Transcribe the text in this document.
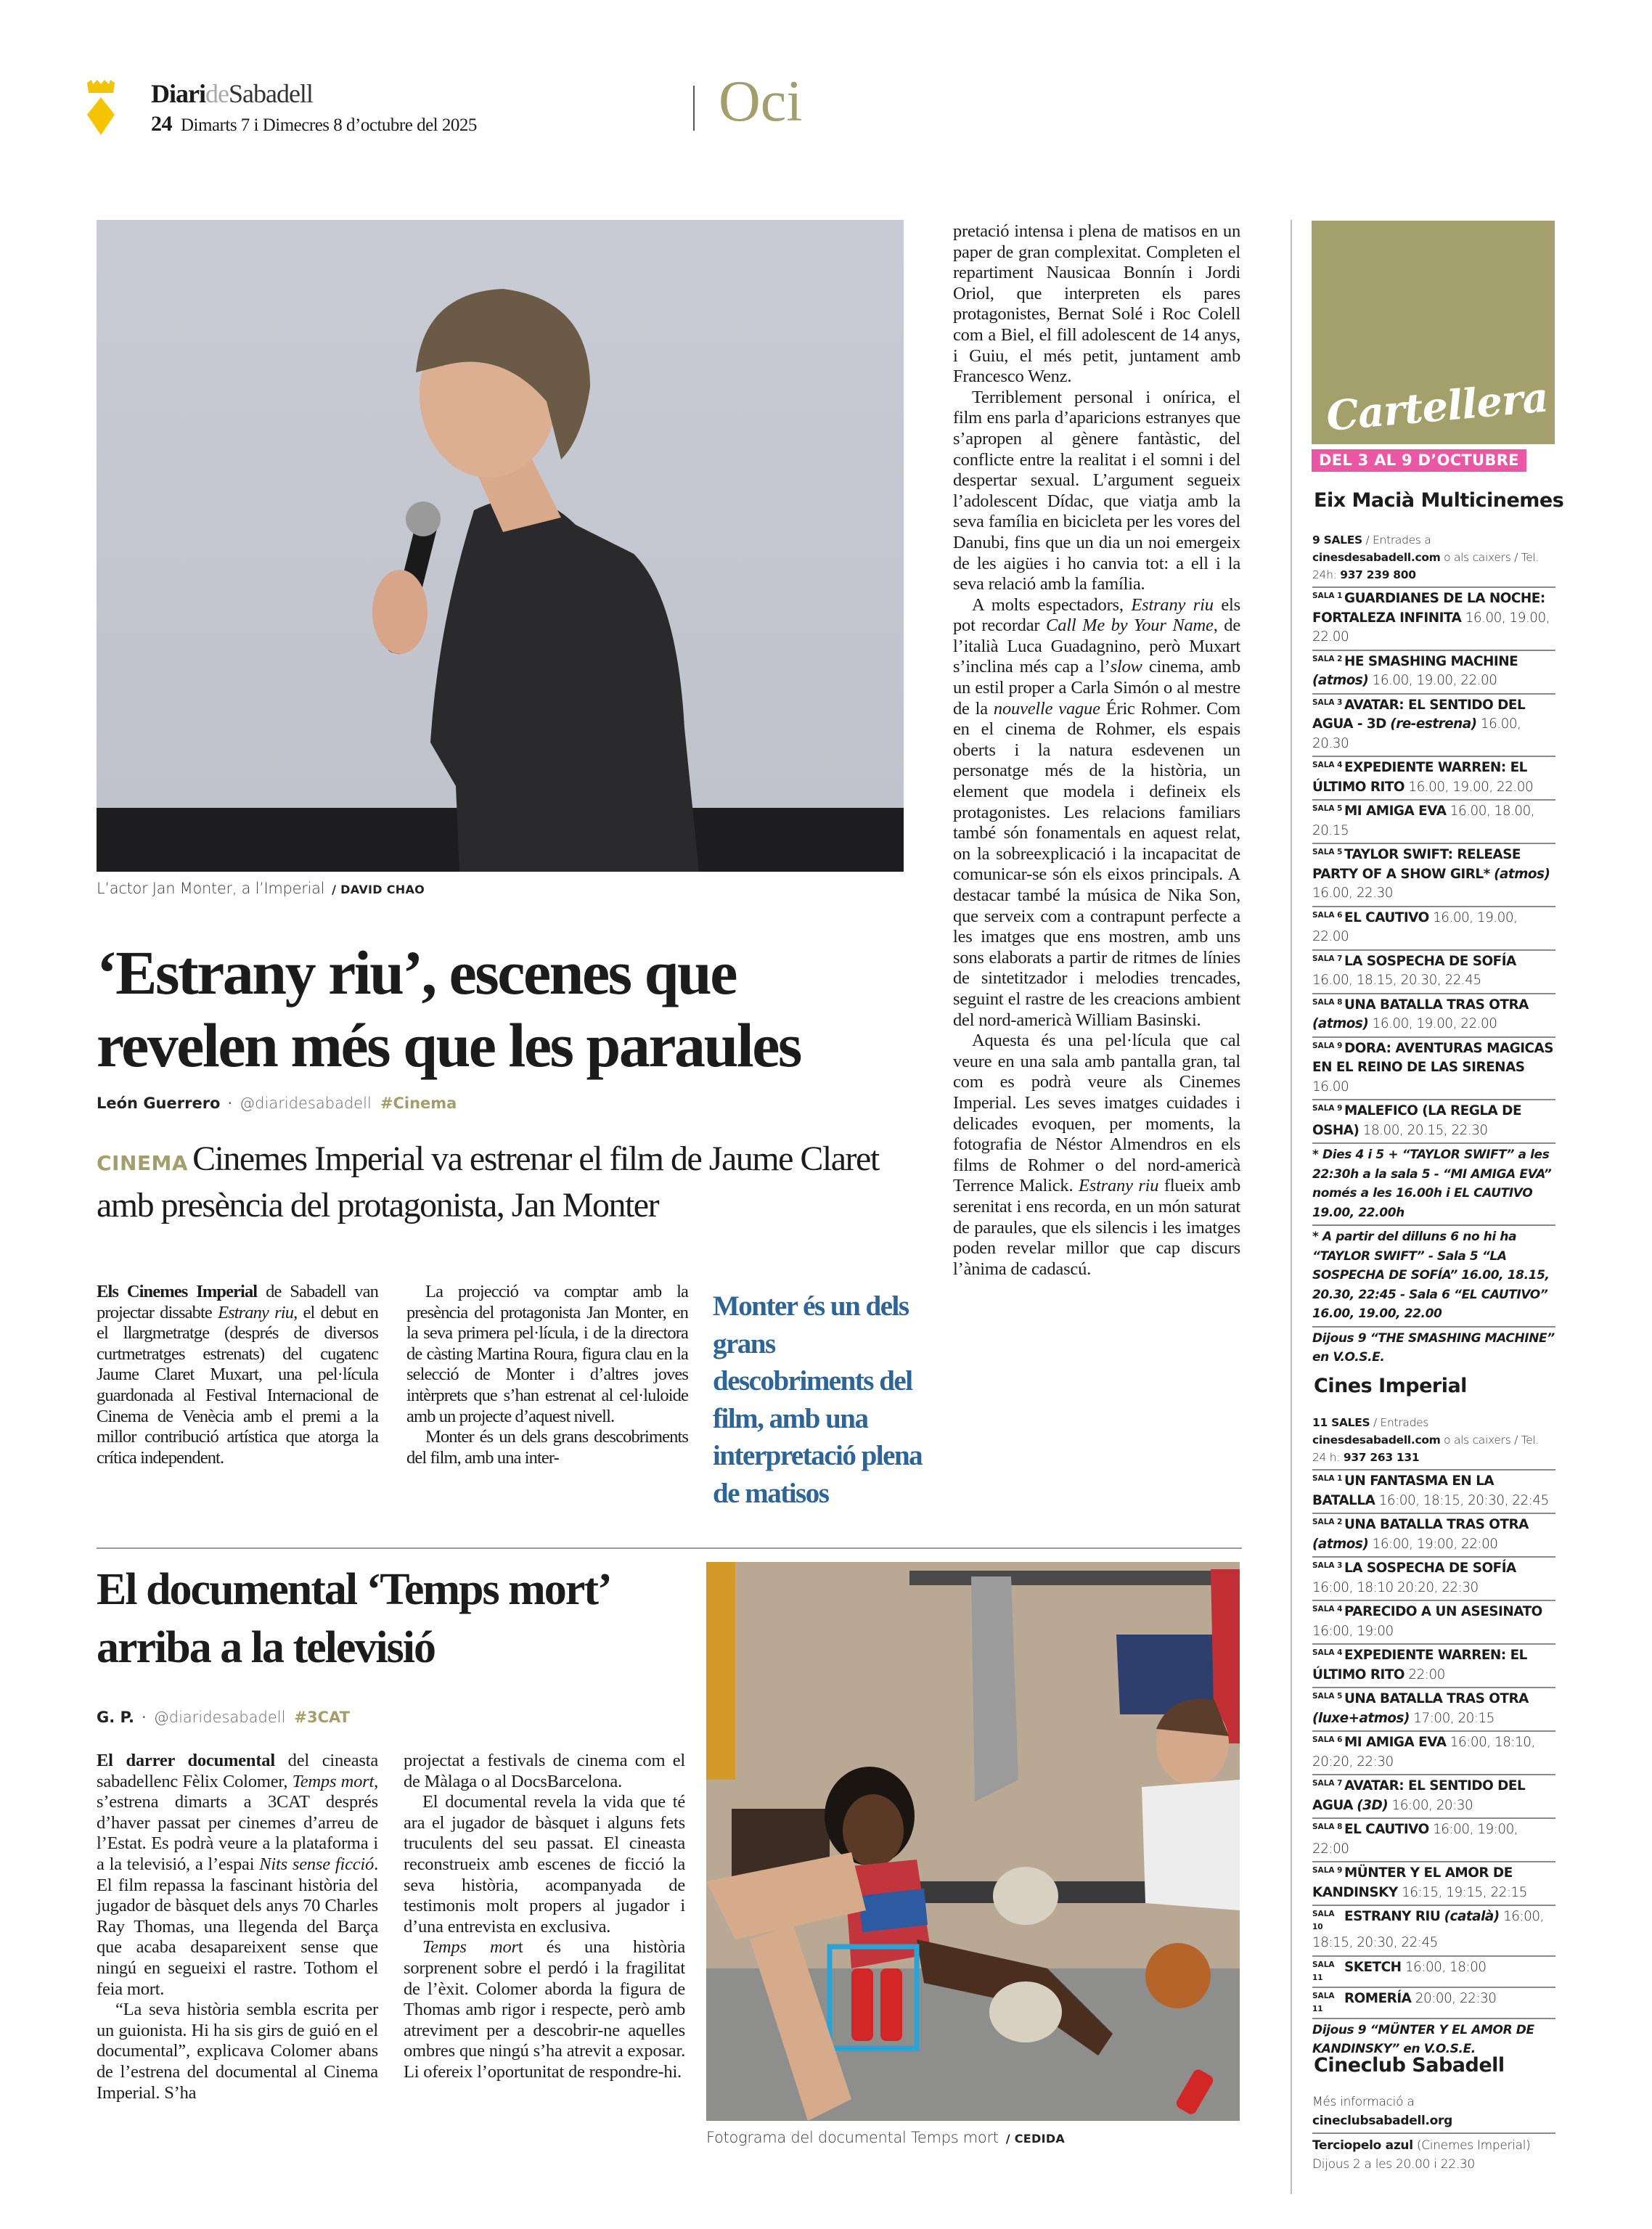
DiarideSabadell
24 Dimarts 7 i Dimecres 8 d’octubre del 2025	Oci
L’actor Jan Monter, a l’Imperial / DAVID CHAO
‘Estrany riu’, escenes que
revelen més que les paraules
León Guerrero · @diaridesabadell #Cinema
CINEMA Cinemes Imperial va estrenar el film de Jaume Claret amb presència del protagonista, Jan Monter

Els Cinemes Imperial de Sabadell van projectar dissabte Estrany riu, el debut en el llargmetratge (després de diversos curtmetratges estrenats) del cugatenc Jaume Claret Muxart, una pel·lícula guardonada al Festival Internacional de Cinema de Venècia amb el premi a la millor contribució artística que atorga la crítica independent.

La projecció va comptar amb la presència del protagonista Jan Monter, en la seva primera pel·lícula, i de la directora de càsting Martina Roura, figura clau en la selecció de Monter i d’altres joves intèrprets que s’han estrenat al cel·luloide amb un projecte d’aquest nivell.

Monter és un dels grans descobriments del film, amb una inter-

Monter és un dels grans descobriments del film, amb una interpretació plena de matisos

pretació intensa i plena de matisos en un paper de gran complexitat. Completen el repartiment Nausicaa Bonnín i Jordi Oriol, que interpreten els pares protagonistes, Bernat Solé i Roc Colell com a Biel, el fill adolescent de 14 anys, i Guiu, el més petit, juntament amb Francesco Wenz.

Terriblement personal i onírica, el film ens parla d’aparicions estranyes que s’apropen al gènere fantàstic, del conflicte entre la realitat i el somni i del despertar sexual. L’argument segueix l’adolescent Dídac, que viatja amb la seva família en bicicleta per les vores del Danubi, fins que un dia un noi emergeix de les aigües i ho canvia tot: a ell i la seva relació amb la família.

A molts espectadors, Estrany riu els pot recordar Call Me by Your Name, de l’italià Luca Guadagnino, però Muxart s’inclina més cap a l’slow cinema, amb un estil proper a Carla Simón o al mestre de la nouvelle vague Éric Rohmer. Com en el cinema de Rohmer, els espais oberts i la natura esdevenen un personatge més de la història, un element que modela i defineix els protagonistes. Les relacions familiars també són fonamentals en aquest relat, on la sobreexplicació i la incapacitat de comunicar-se són els eixos principals. A destacar també la música de Nika Son, que serveix com a contrapunt perfecte a les imatges que ens mostren, amb uns sons elaborats a partir de ritmes de línies de sintetitzador i melodies trencades, seguint el rastre de les creacions ambient del nord-americà William Basinski.

Aquesta és una pel·lícula que cal veure en una sala amb pantalla gran, tal com es podrà veure als Cinemes Imperial. Les seves imatges cuidades i delicades evoquen, per moments, la fotografia de Néstor Almendros en els films de Rohmer o del nord-americà Terrence Malick. Estrany riu flueix amb serenitat i ens recorda, en un món saturat de paraules, que els silencis i les imatges poden revelar millor que cap discurs l’ànima de cadascú.

El documental ‘Temps mort’
arriba a la televisió
G. P. · @diaridesabadell #3CAT

El darrer documental del cineasta sabadellenc Fèlix Colomer, Temps mort, s’estrena dimarts a 3CAT després d’haver passat per cinemes d’arreu de l’Estat. Es podrà veure a la plataforma i a la televisió, a l’espai Nits sense ficció. El film repassa la fascinant història del jugador de bàsquet dels anys 70 Charles Ray Thomas, una llegenda del Barça que acaba desapareixent sense que ningú en segueixi el rastre. Tothom el feia mort.

“La seva història sembla escrita per un guionista. Hi ha sis girs de guió en el documental”, explicava Colomer abans de l’estrena del documental al Cinema Imperial. S’ha

projectat a festivals de cinema com el de Màlaga o al DocsBarcelona.

El documental revela la vida que té ara el jugador de bàsquet i alguns fets truculents del seu passat. El cineasta reconstrueix amb escenes de ficció la seva història, acompanyada de testimonis molt propers al jugador i d’una entrevista en exclusiva.

Temps mort és una història sorprenent sobre el perdó i la fragilitat de l’èxit. Colomer aborda la figura de Thomas amb rigor i respecte, però amb atreviment per a descobrir-ne aquelles ombres que ningú s’ha atrevit a exposar. Li ofereix l’oportunitat de respondre-hi.

Fotograma del documental Temps mort / CEDIDA
Cartellera
DEL 3 AL 9 D’OCTUBRE
Eix Macià Multicinemes
9 SALES / Entrades a cinesdesabadell.com o als caixers / Tel. 24h: 937 239 800
SALA 1 GUARDIANES DE LA NOCHE: FORTALEZA INFINITA 16.00, 19.00, 22.00
SALA 2 HE SMASHING MACHINE (atmos) 16.00, 19.00, 22.00
SALA 3 AVATAR: EL SENTIDO DEL AGUA - 3D (re-estrena) 16.00, 20.30
SALA 4 EXPEDIENTE WARREN: EL ÚLTIMO RITO 16.00, 19.00, 22.00
SALA 5 MI AMIGA EVA 16.00, 18.00, 20.15
SALA 5 TAYLOR SWIFT: RELEASE PARTY OF A SHOW GIRL* (atmos) 16.00, 22.30
SALA 6 EL CAUTIVO 16.00, 19.00, 22.00
SALA 7 LA SOSPECHA DE SOFÍA 16.00, 18.15, 20.30, 22.45
SALA 8 UNA BATALLA TRAS OTRA (atmos) 16.00, 19.00, 22.00
SALA 9 DORA: AVENTURAS MAGICAS EN EL REINO DE LAS SIRENAS 16.00
SALA 9 MALEFICO (LA REGLA DE OSHA) 18.00, 20.15, 22.30
* Dies 4 i 5 + “TAYLOR SWIFT” a les 22:30h a la sala 5 - “MI AMIGA EVA” només a les 16.00h i EL CAUTIVO 19.00, 22.00h
* A partir del dilluns 6 no hi ha “TAYLOR SWIFT” - Sala 5 “LA SOSPECHA DE SOFÍA” 16.00, 18.15, 20.30, 22:45 - Sala 6 “EL CAUTIVO” 16.00, 19.00, 22.00
Dijous 9 “THE SMASHING MACHINE” en V.O.S.E.
Cines Imperial
11 SALES / Entrades cinesdesabadell.com o als caixers / Tel. 24 h: 937 263 131
SALA 1 UN FANTASMA EN LA BATALLA 16:00, 18:15, 20:30, 22:45
SALA 2 UNA BATALLA TRAS OTRA (atmos) 16:00, 19:00, 22:00
SALA 3 LA SOSPECHA DE SOFÍA 16:00, 18:10 20:20, 22:30
SALA 4 PARECIDO A UN ASESINATO 16:00, 19:00
SALA 4 EXPEDIENTE WARREN: EL ÚLTIMO RITO 22:00
SALA 5 UNA BATALLA TRAS OTRA (luxe+atmos) 17:00, 20:15
SALA 6 MI AMIGA EVA 16:00, 18:10, 20:20, 22:30
SALA 7 AVATAR: EL SENTIDO DEL AGUA (3D) 16:00, 20:30
SALA 8 EL CAUTIVO 16:00, 19:00, 22:00
SALA 9 MÜNTER Y EL AMOR DE KANDINSKY 16:15, 19:15, 22:15
SALA 10ESTRANY RIU (català) 16:00, 18:15, 20:30, 22:45
SALA 11SKETCH 16:00, 18:00
SALA 11ROMERÍA 20:00, 22:30
Dijous 9 “MÜNTER Y EL AMOR DE KANDINSKY” en V.O.S.E.
Cineclub Sabadell
Més informació a cineclubsabadell.org
Terciopelo azul (Cinemes Imperial)
Dijous 2 a les 20.00 i 22.30
